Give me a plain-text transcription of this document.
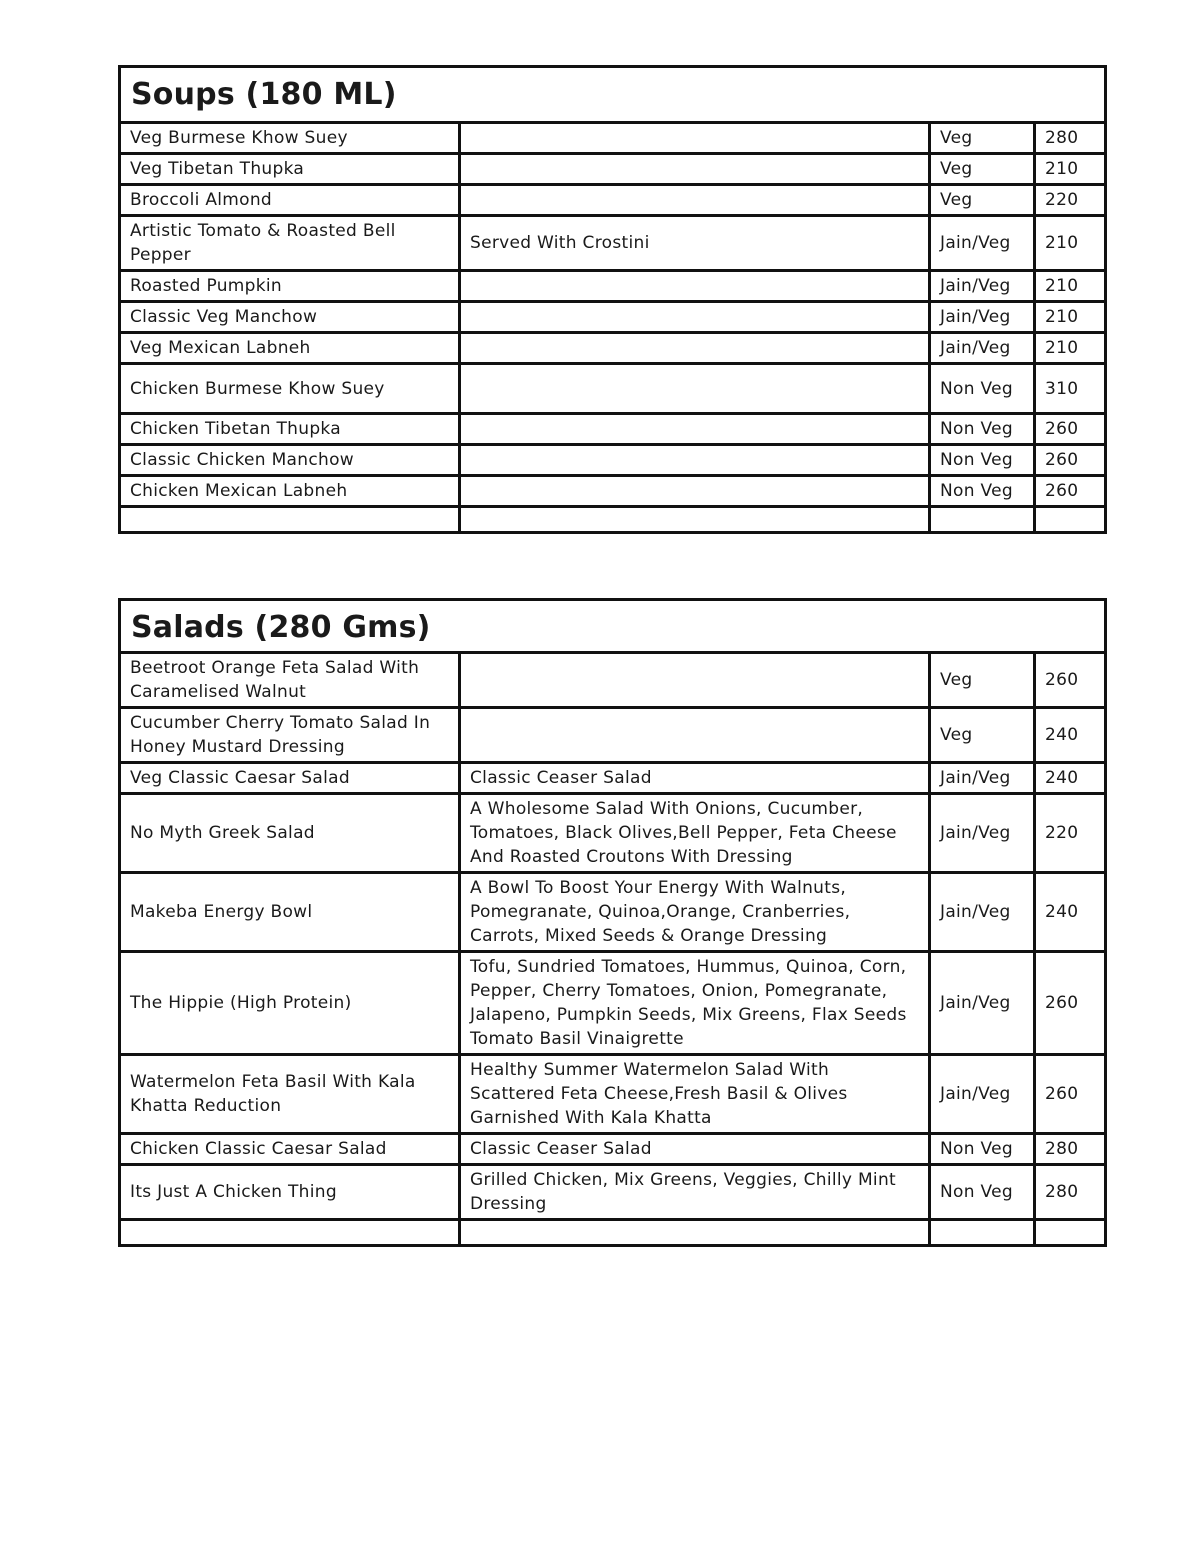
Soups (180 ML)			
Veg Burmese Khow Suey		Veg	280
Veg Tibetan Thupka		Veg	210
Broccoli Almond		Veg	220
Artistic Tomato & Roasted Bell Pepper	Served With Crostini	Jain/Veg	210
Roasted Pumpkin		Jain/Veg	210
Classic Veg Manchow		Jain/Veg	210
Veg Mexican Labneh		Jain/Veg	210
Chicken Burmese Khow Suey		Non Veg	310
Chicken Tibetan Thupka		Non Veg	260
Classic Chicken Manchow		Non Veg	260
Chicken Mexican Labneh		Non Veg	260

Salads (280 Gms)			
Beetroot Orange Feta Salad With Caramelised Walnut		Veg	260
Cucumber Cherry Tomato Salad In Honey Mustard Dressing		Veg	240
Veg Classic Caesar Salad	Classic Ceaser Salad	Jain/Veg	240
No Myth Greek Salad	A Wholesome Salad With Onions, Cucumber, Tomatoes, Black Olives,Bell Pepper, Feta Cheese And Roasted Croutons With Dressing	Jain/Veg	220
Makeba Energy Bowl	A Bowl To Boost Your Energy With Walnuts, Pomegranate, Quinoa,Orange, Cranberries, Carrots, Mixed Seeds & Orange Dressing	Jain/Veg	240
The Hippie (High Protein)	Tofu, Sundried Tomatoes, Hummus, Quinoa, Corn, Pepper, Cherry Tomatoes, Onion, Pomegranate, Jalapeno, Pumpkin Seeds, Mix Greens, Flax Seeds Tomato Basil Vinaigrette	Jain/Veg	260
Watermelon Feta Basil With Kala Khatta Reduction	Healthy Summer Watermelon Salad With Scattered Feta Cheese,Fresh Basil & Olives Garnished With Kala Khatta	Jain/Veg	260
Chicken Classic Caesar Salad	Classic Ceaser Salad	Non Veg	280
Its Just A Chicken Thing	Grilled Chicken, Mix Greens, Veggies, Chilly Mint Dressing	Non Veg	280
